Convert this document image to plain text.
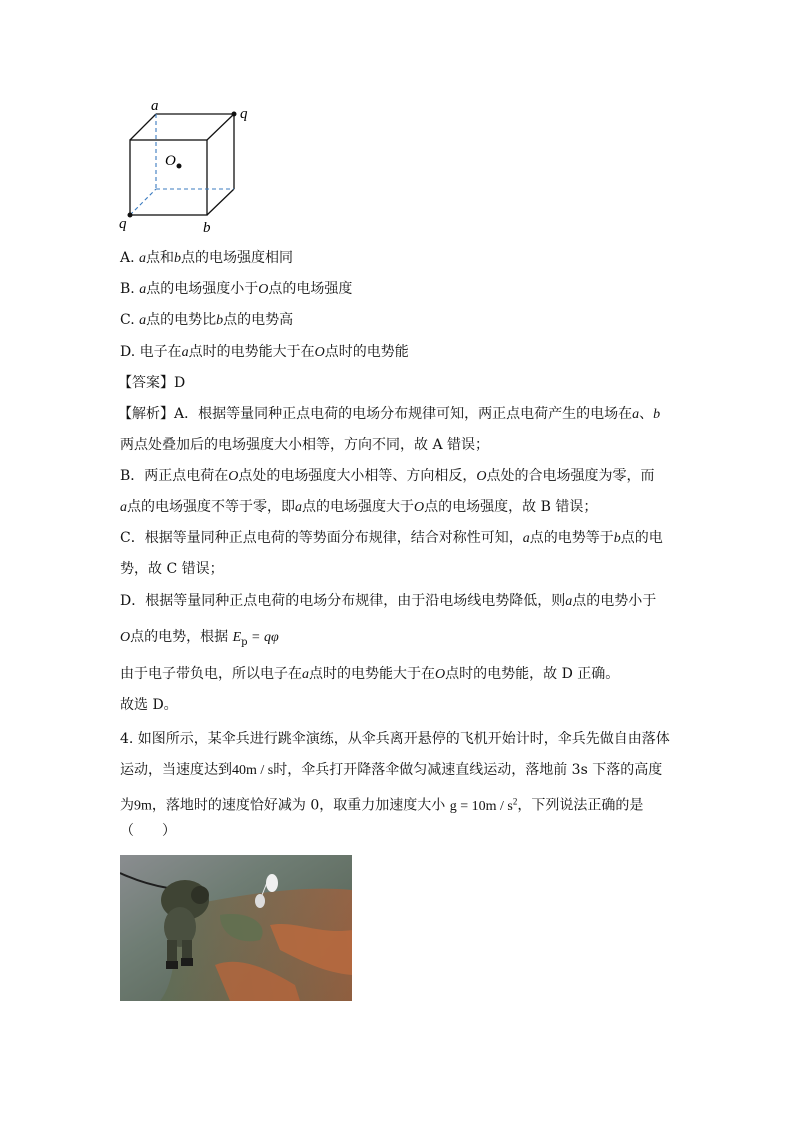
a	q
O
q	b
A. a点和b点的电场强度相同
B. a点的电场强度小于O点的电场强度
C. a点的电势比b点的电势高
D. 电子在a点时的电势能大于在O点时的电势能
【答案】D
【解析】A．根据等量同种正点电荷的电场分布规律可知，两正点电荷产生的电场在a、b
两点处叠加后的电场强度大小相等，方向不同，故 A 错误；
B．两正点电荷在O点处的电场强度大小相等、方向相反，O点处的合电场强度为零，而
a点的电场强度不等于零，即a点的电场强度大于O点的电场强度，故 B 错误；
C．根据等量同种正点电荷的等势面分布规律，结合对称性可知，a点的电势等于b点的电
势，故 C 错误；
D．根据等量同种正点电荷的电场分布规律，由于沿电场线电势降低，则a点的电势小于
O点的电势，根据 $E_p = q\varphi$
由于电子带负电，所以电子在a点时的电势能大于在O点时的电势能，故 D 正确。
故选 D。
4. 如图所示，某伞兵进行跳伞演练，从伞兵离开悬停的飞机开始计时，伞兵先做自由落体
运动，当速度达到40m / s时，伞兵打开降落伞做匀减速直线运动，落地前 3s 下落的高度
为9m，落地时的速度恰好减为 0，取重力加速度大小 $g = 10m / s^2$，下列说法正确的是
（　　）
